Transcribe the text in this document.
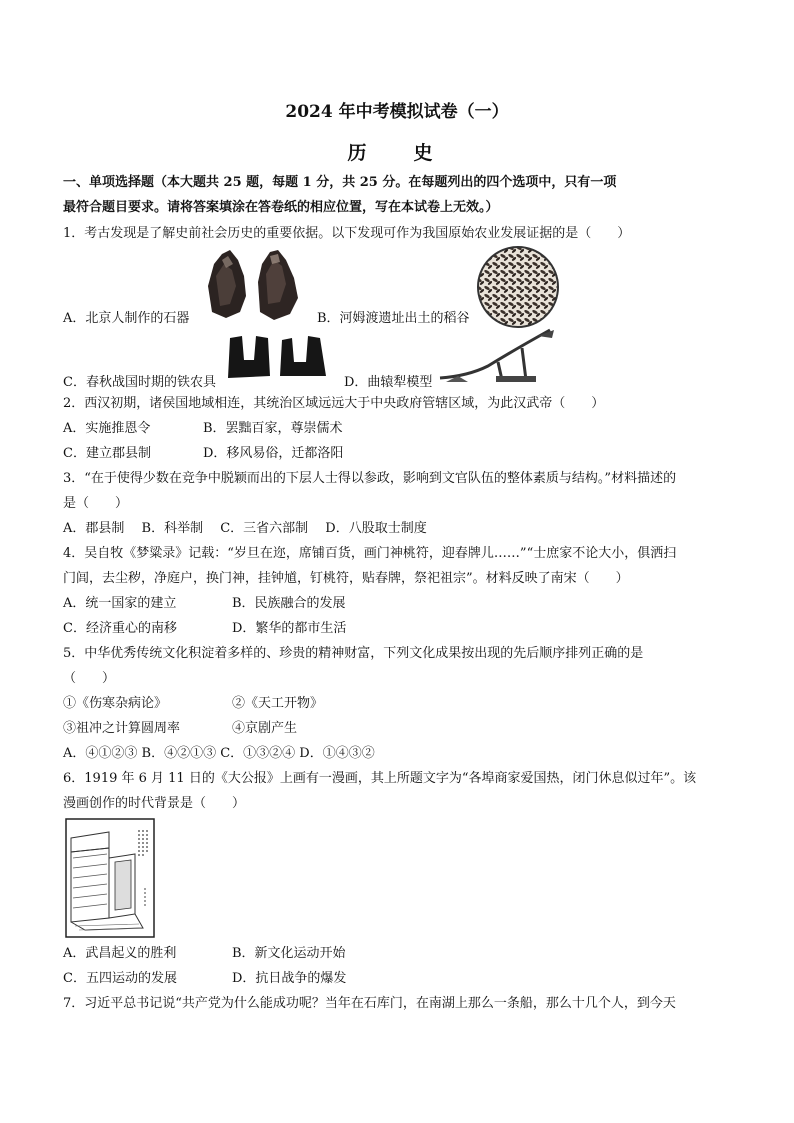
2024 年中考模拟试卷（一）
历　史
一、单项选择题（本大题共 25 题，每题 1 分，共 25 分。在每题列出的四个选项中，只有一项
最符合题目要求。请将答案填涂在答卷纸的相应位置，写在本试卷上无效。）
1．考古发现是了解史前社会历史的重要依据。以下发现可作为我国原始农业发展证据的是（　　）
A．北京人制作的石器	B．河姆渡遗址出土的稻谷
C．春秋战国时期的铁农具	D．曲辕犁模型
2．西汉初期，诸侯国地域相连，其统治区域远远大于中央政府管辖区域，为此汉武帝（　　）
A．实施推恩令	B．罢黜百家，尊崇儒术
C．建立郡县制	D．移风易俗，迁都洛阳
3．“在于使得少数在竞争中脱颖而出的下层人士得以参政，影响到文官队伍的整体素质与结构。”材料描述的
是（　　）
A．郡县制　 B．科举制　 C．三省六部制　 D．八股取士制度
4．吴自牧《梦粱录》记载：“岁旦在迩，席铺百货，画门神桃符，迎春牌儿……”“士庶家不论大小，俱洒扫
门闾，去尘秽，净庭户，换门神，挂钟馗，钉桃符，贴春牌，祭祀祖宗”。材料反映了南宋（　　）
A．统一国家的建立	B．民族融合的发展
C．经济重心的南移	D．繁华的都市生活
5．中华优秀传统文化积淀着多样的、珍贵的精神财富，下列文化成果按出现的先后顺序排列正确的是
（　　）
①《伤寒杂病论》	②《天工开物》
③祖冲之计算圆周率	④京剧产生
A．④①②③ B．④②①③ C．①③②④ D．①④③②
6．1919 年 6 月 11 日的《大公报》上画有一漫画，其上所题文字为“各埠商家爱国热，闭门休息似过年”。该
漫画创作的时代背景是（　　）
A．武昌起义的胜利	B．新文化运动开始
C．五四运动的发展	D．抗日战争的爆发
7．习近平总书记说“共产党为什么能成功呢？当年在石库门，在南湖上那么一条船，那么十几个人，到今天
